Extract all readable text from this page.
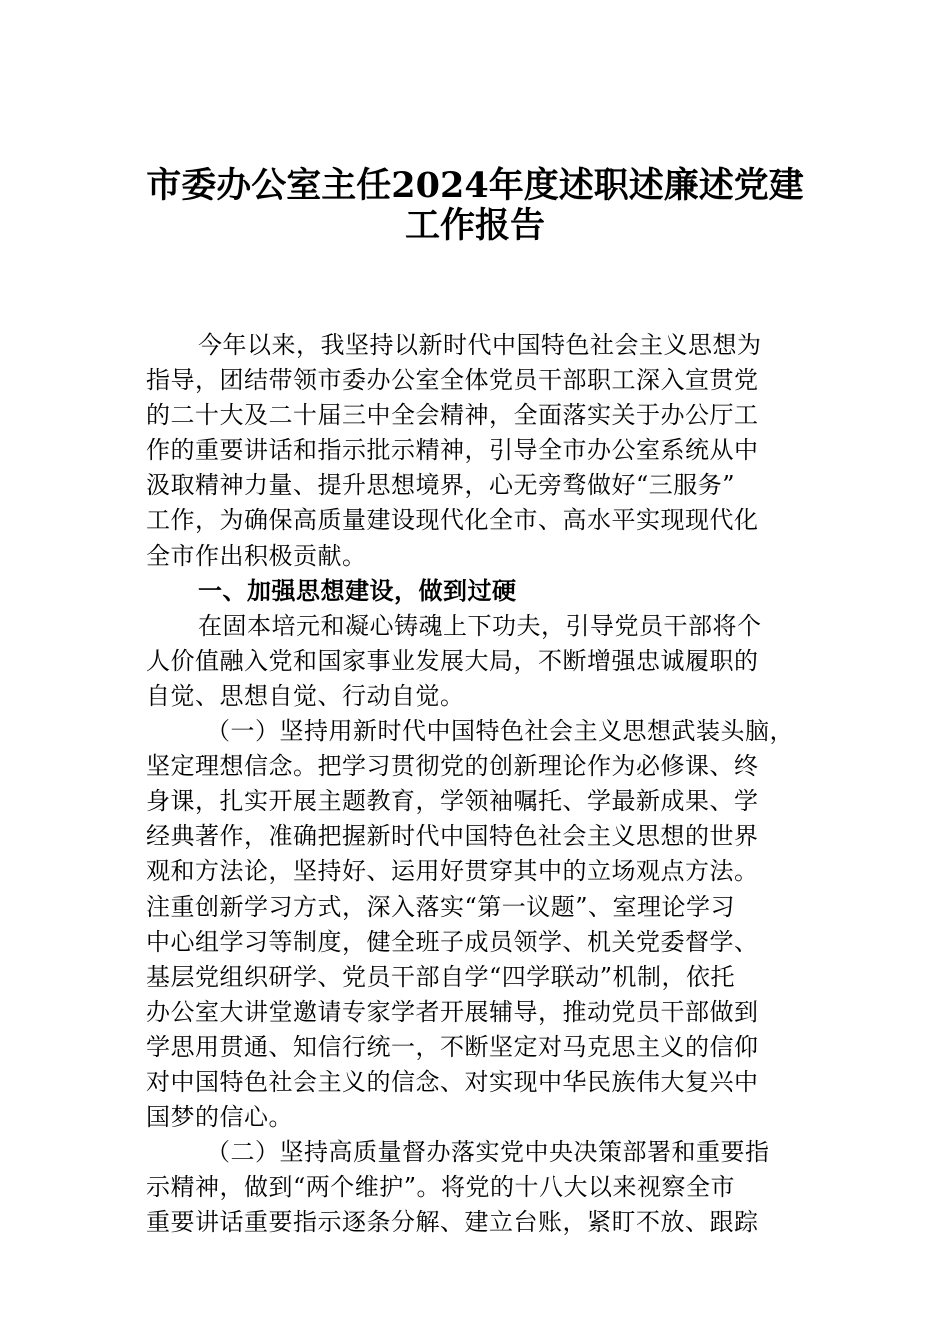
市委办公室主任2024年度述职述廉述党建
工作报告
今年以来，我坚持以新时代中国特色社会主义思想为
指导，团结带领市委办公室全体党员干部职工深入宣贯党
的二十大及二十届三中全会精神，全面落实关于办公厅工
作的重要讲话和指示批示精神，引导全市办公室系统从中
汲取精神力量、提升思想境界，心无旁骛做好“三服务”
工作，为确保高质量建设现代化全市、高水平实现现代化
全市作出积极贡献。
一、加强思想建设，做到过硬
在固本培元和凝心铸魂上下功夫，引导党员干部将个
人价值融入党和国家事业发展大局，不断增强忠诚履职的
自觉、思想自觉、行动自觉。
（一）坚持用新时代中国特色社会主义思想武装头脑，
坚定理想信念。把学习贯彻党的创新理论作为必修课、终
身课，扎实开展主题教育，学领袖嘱托、学最新成果、学
经典著作，准确把握新时代中国特色社会主义思想的世界
观和方法论，坚持好、运用好贯穿其中的立场观点方法。
注重创新学习方式，深入落实“第一议题”、室理论学习
中心组学习等制度，健全班子成员领学、机关党委督学、
基层党组织研学、党员干部自学“四学联动”机制，依托
办公室大讲堂邀请专家学者开展辅导，推动党员干部做到
学思用贯通、知信行统一，不断坚定对马克思主义的信仰
对中国特色社会主义的信念、对实现中华民族伟大复兴中
国梦的信心。
（二）坚持高质量督办落实党中央决策部署和重要指
示精神，做到“两个维护”。将党的十八大以来视察全市
重要讲话重要指示逐条分解、建立台账，紧盯不放、跟踪
